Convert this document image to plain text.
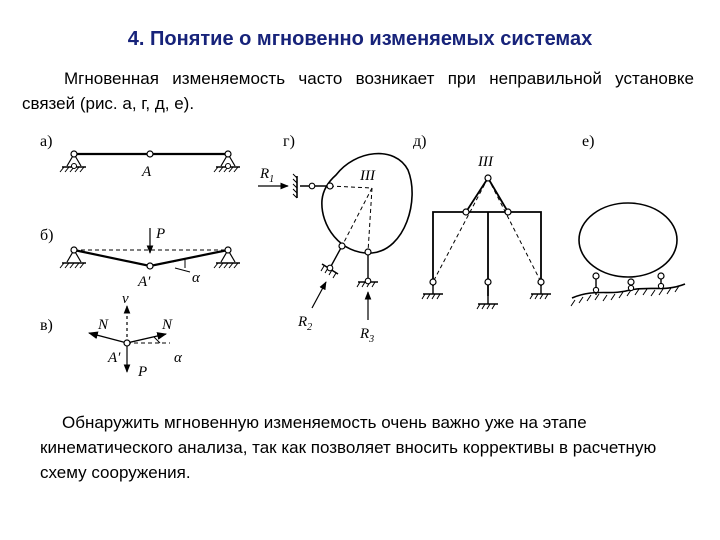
4. Понятие о мгновенно изменяемых системах

Мгновенная изменяемость часто возникает при неправильной установке связей (рис. а, г, д, е).

а)
б)
в)
г)	д)	е)
A
P
A′	α
v
N	N
A′
P
α
III
$R_1$
$R_2$	$R_3$
III

Обнаружить мгновенную изменяемость очень важно уже на этапе кинематического анализа, так как позволяет вносить коррективы в расчетную схему сооружения.
